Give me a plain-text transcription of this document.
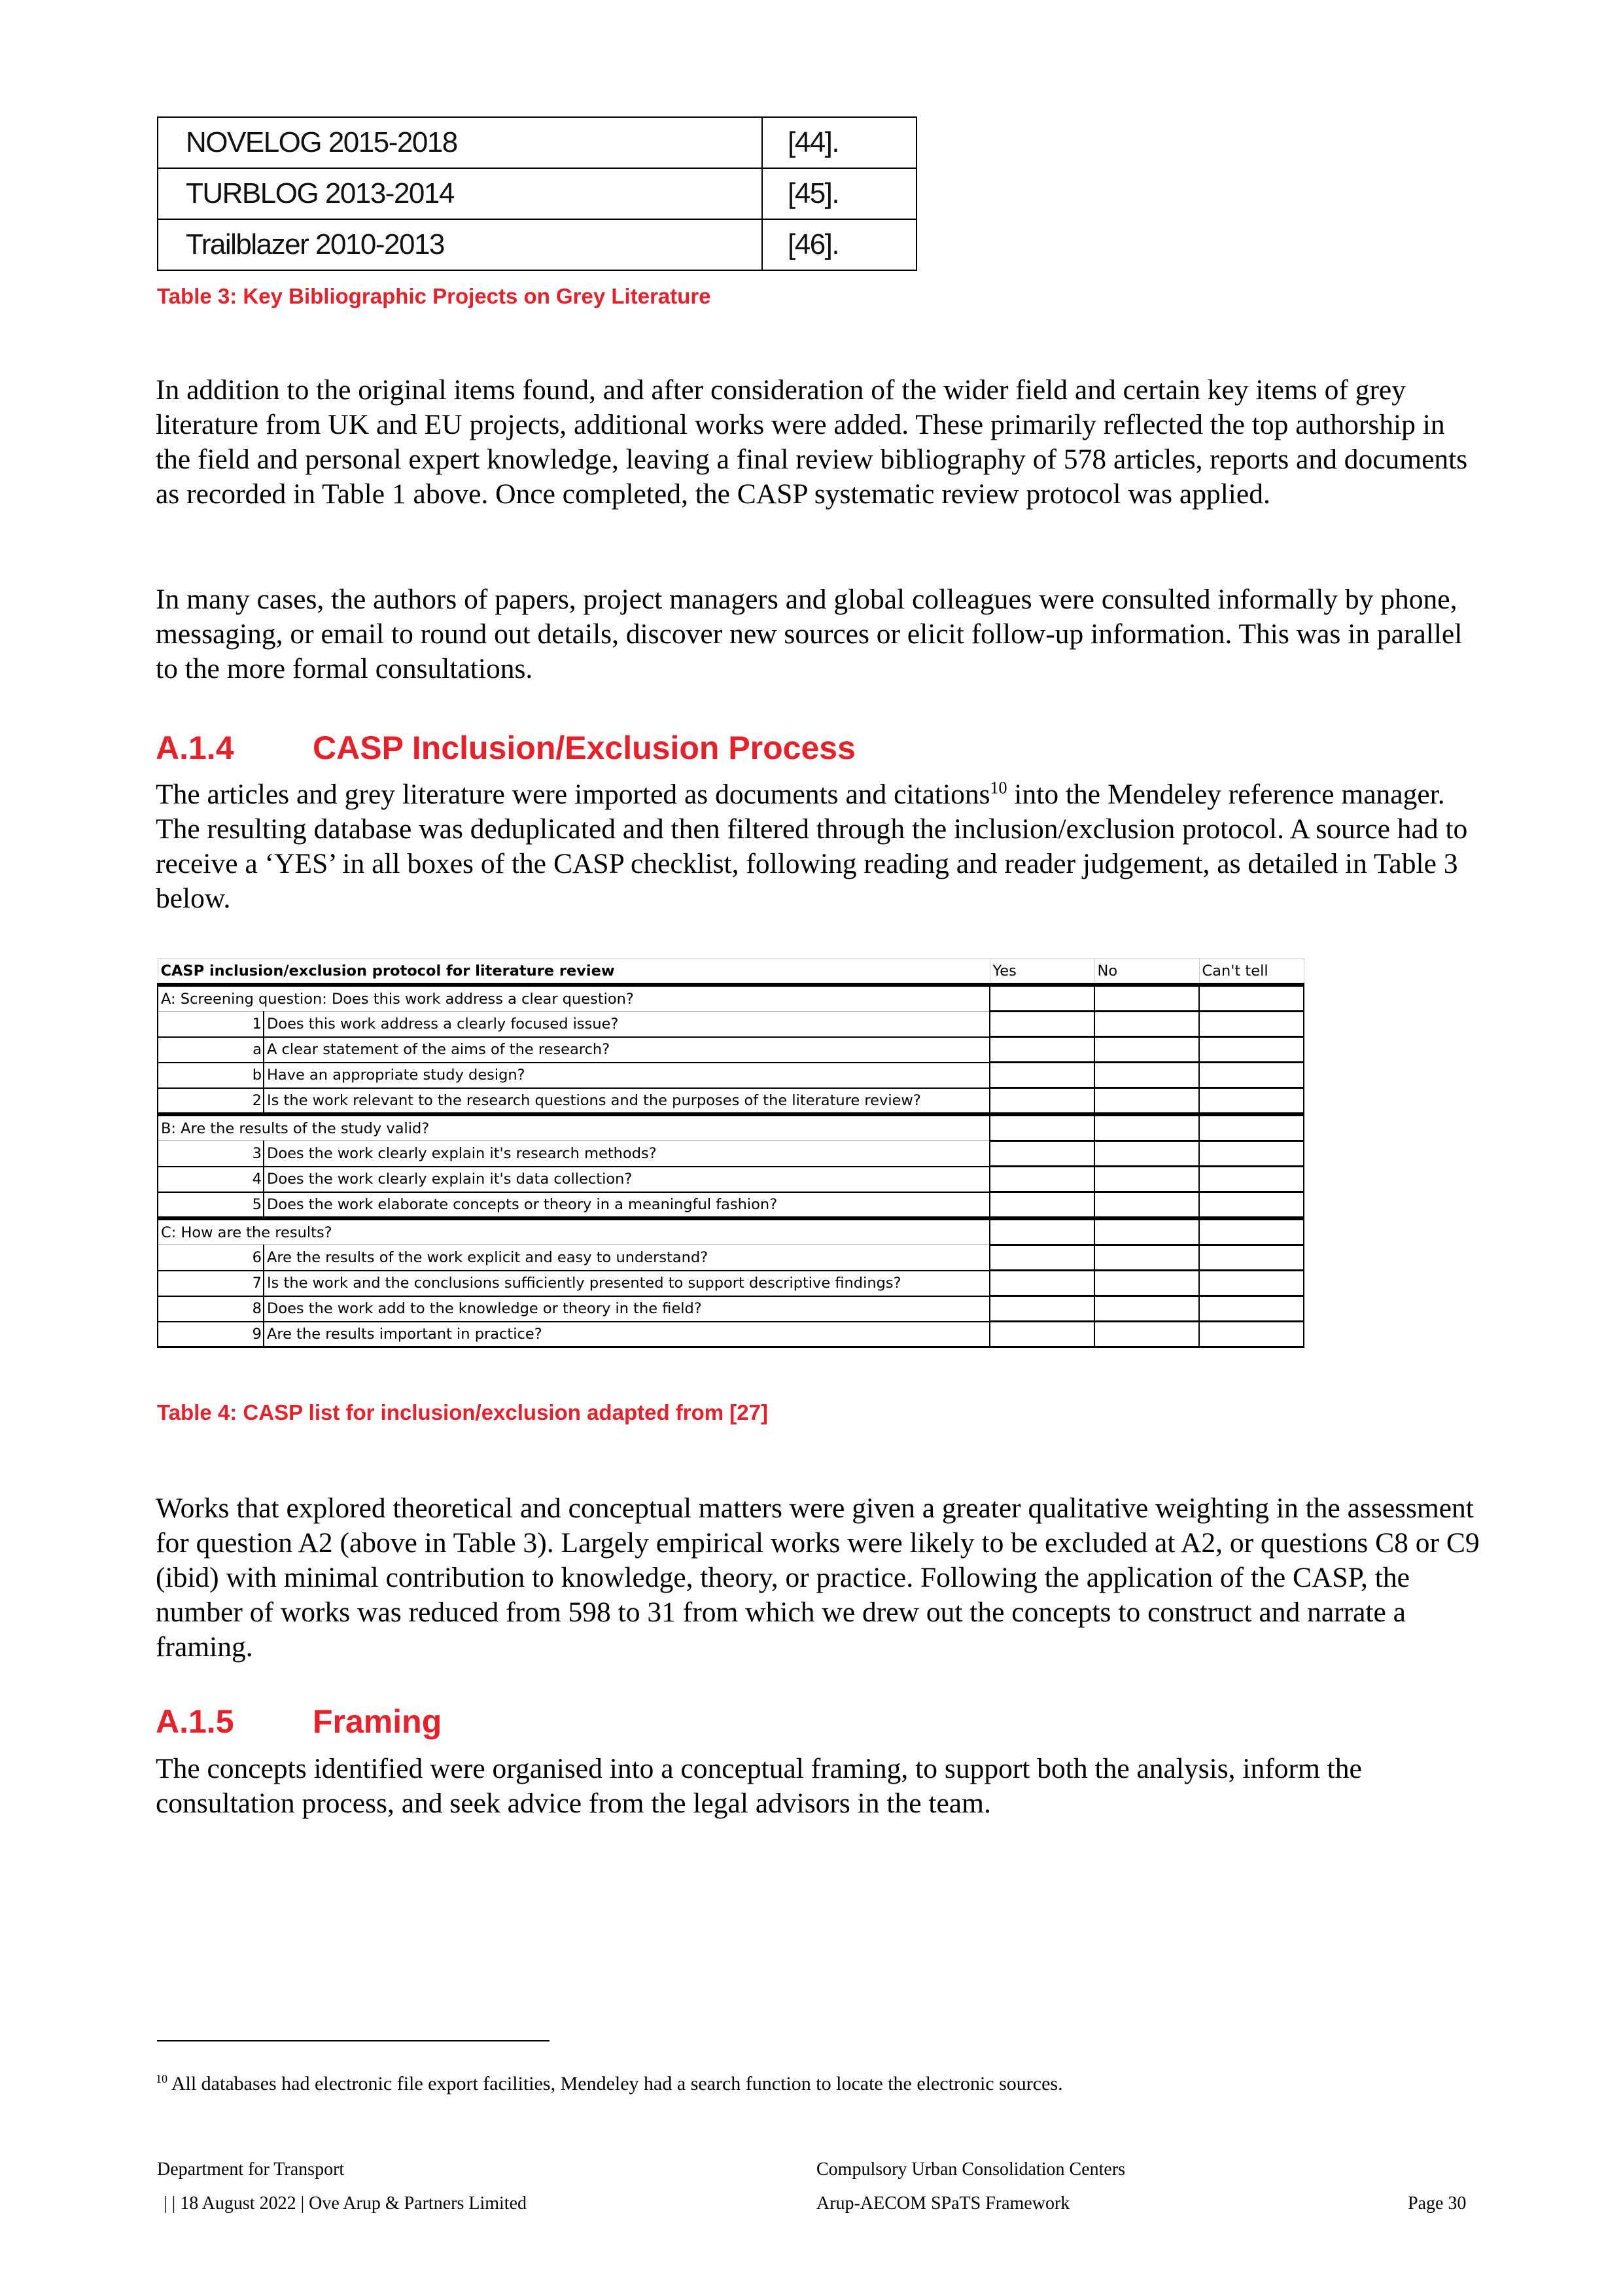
NOVELOG 2015-2018	[44].
TURBLOG 2013-2014	[45].
Trailblazer 2010-2013	[46].
Table 3: Key Bibliographic Projects on Grey Literature

In addition to the original items found, and after consideration of the wider field and certain key items of grey literature from UK and EU projects, additional works were added. These primarily reflected the top authorship in the field and personal expert knowledge, leaving a final review bibliography of 578 articles, reports and documents as recorded in Table 1 above. Once completed, the CASP systematic review protocol was applied.

In many cases, the authors of papers, project managers and global colleagues were consulted informally by phone, messaging, or email to round out details, discover new sources or elicit follow-up information. This was in parallel to the more formal consultations.

A.1.4 CASP Inclusion/Exclusion Process

The articles and grey literature were imported as documents and citations$^{10}$ into the Mendeley reference manager. The resulting database was deduplicated and then filtered through the inclusion/exclusion protocol. A source had to receive a ‘YES’ in all boxes of the CASP checklist, following reading and reader judgement, as detailed in Table 3 below.

CASP inclusion/exclusion protocol for literature review		Yes	No	Can't tell
A: Screening question: Does this work address a clear question?				
1	Does this work address a clearly focused issue?			
a	A clear statement of the aims of the research?			
b	Have an appropriate study design?			
2	Is the work relevant to the research questions and the purposes of the literature review?			
B: Are the results of the study valid?				
3	Does the work clearly explain it's research methods?			
4	Does the work clearly explain it's data collection?			
5	Does the work elaborate concepts or theory in a meaningful fashion?			
C: How are the results?				
6	Are the results of the work explicit and easy to understand?			
7	Is the work and the conclusions sufficiently presented to support descriptive findings?			
8	Does the work add to the knowledge or theory in the field?			
9	Are the results important in practice?			
Table 4: CASP list for inclusion/exclusion adapted from [27]

Works that explored theoretical and conceptual matters were given a greater qualitative weighting in the assessment for question A2 (above in Table 3). Largely empirical works were likely to be excluded at A2, or questions C8 or C9 (ibid) with minimal contribution to knowledge, theory, or practice. Following the application of the CASP, the number of works was reduced from 598 to 31 from which we drew out the concepts to construct and narrate a framing.

A.1.5 Framing

The concepts identified were organised into a conceptual framing, to support both the analysis, inform the consultation process, and seek advice from the legal advisors in the team.

$^{10}$ All databases had electronic file export facilities, Mendeley had a search function to locate the electronic sources.
Department for Transport
| | 18 August 2022 | Ove Arup & Partners Limited
Compulsory Urban Consolidation Centers
Arup-AECOM SPaTS Framework	Page 30
